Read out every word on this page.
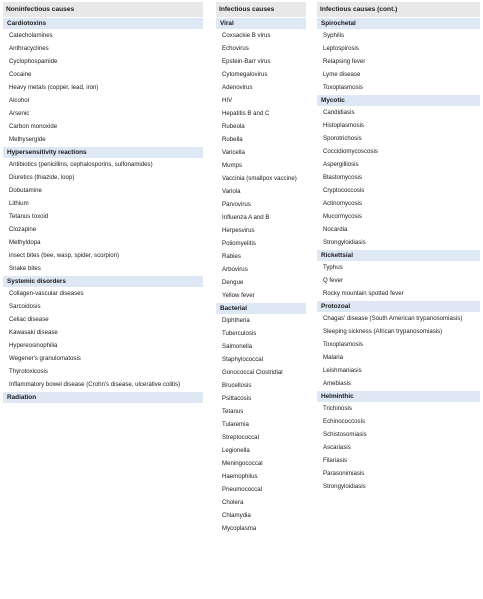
Noninfectious causes
Cardiotoxins
Catecholamines
Anthracyclines
Cyclophospamide
Cocaine
Heavy metals (copper, lead, iron)
Alcohol
Arsenic
Carbon monoxide
Methysergide
Hypersensitivity reactions
Antibiotics (penicillins, cephalosporins, sulfonamides)
Diuretics (thiazide, loop)
Dobutamine
Lithium
Tetanus toxoid
Clozapine
Methyldopa
insect bites (bee, wasp, spider, scorpion)
Snake bites
Systemic disorders
Collagen-vascular diseases
Sarcoidosis
Celiac disease
Kawasaki disease
Hypereosinophilia
Wegener's granulomatosis
Thyrotoxicosis
Inflammatory bowel disease (Crohn's disease, ulcerative colitis)
Radiation
Infectious causes
Viral
Coxsackie B virus
Echovirus
Epstein-Barr virus
Cytomegalovirus
Adenovirus
HIV
Hepatitis B and C
Rubeola
Rubella
Varicella
Mumps
Vaccinia (smallpox vaccine)
Variola
Parvovirus
Influenza A and B
Herpesvirus
Poliomyelitis
Rabies
Arbovirus
Dengue
Yellow fever
Bacterial
Diphtheria
Tuberculosis
Salmonella
Staphylococcal
Gonococcal Clostridial
Brucellosis
Psittacosis
Tetanus
Tularemia
Streptococcal
Legionella
Meningococcal
Haemophilus
Pneumococcal
Cholera
Chlamydia
Mycoplasma
Infectious causes (cont.)
Spirochetal
Syphilis
Leptospirosis
Relapsing fever
Lyme disease
Toxoplasmosis
Mycotic
Candidiasis
Histoplasmosis
Sporotrichosis
Coccidiomycoscosis
Aspergilliosis
Blastomycosis
Cryptococcosis
Actinomycosis
Mucormycosis
Nocardia
Strongyloidiasis
Rickettsial
Typhus
Q fever
Rocky mountain spotted fever
Protozoal
Chagas' disease (South American trypanosomiasis)
Sleeping sickness (African trypanosomiasis)
Toxoplasmosis
Malaria
Leishmaniasis
Amebiasis
Helminthic
Trichinosis
Echinococcosis
Schistosomiasis
Ascariasis
Filariasis
Parasonimiasis
Strongyloidiasis
